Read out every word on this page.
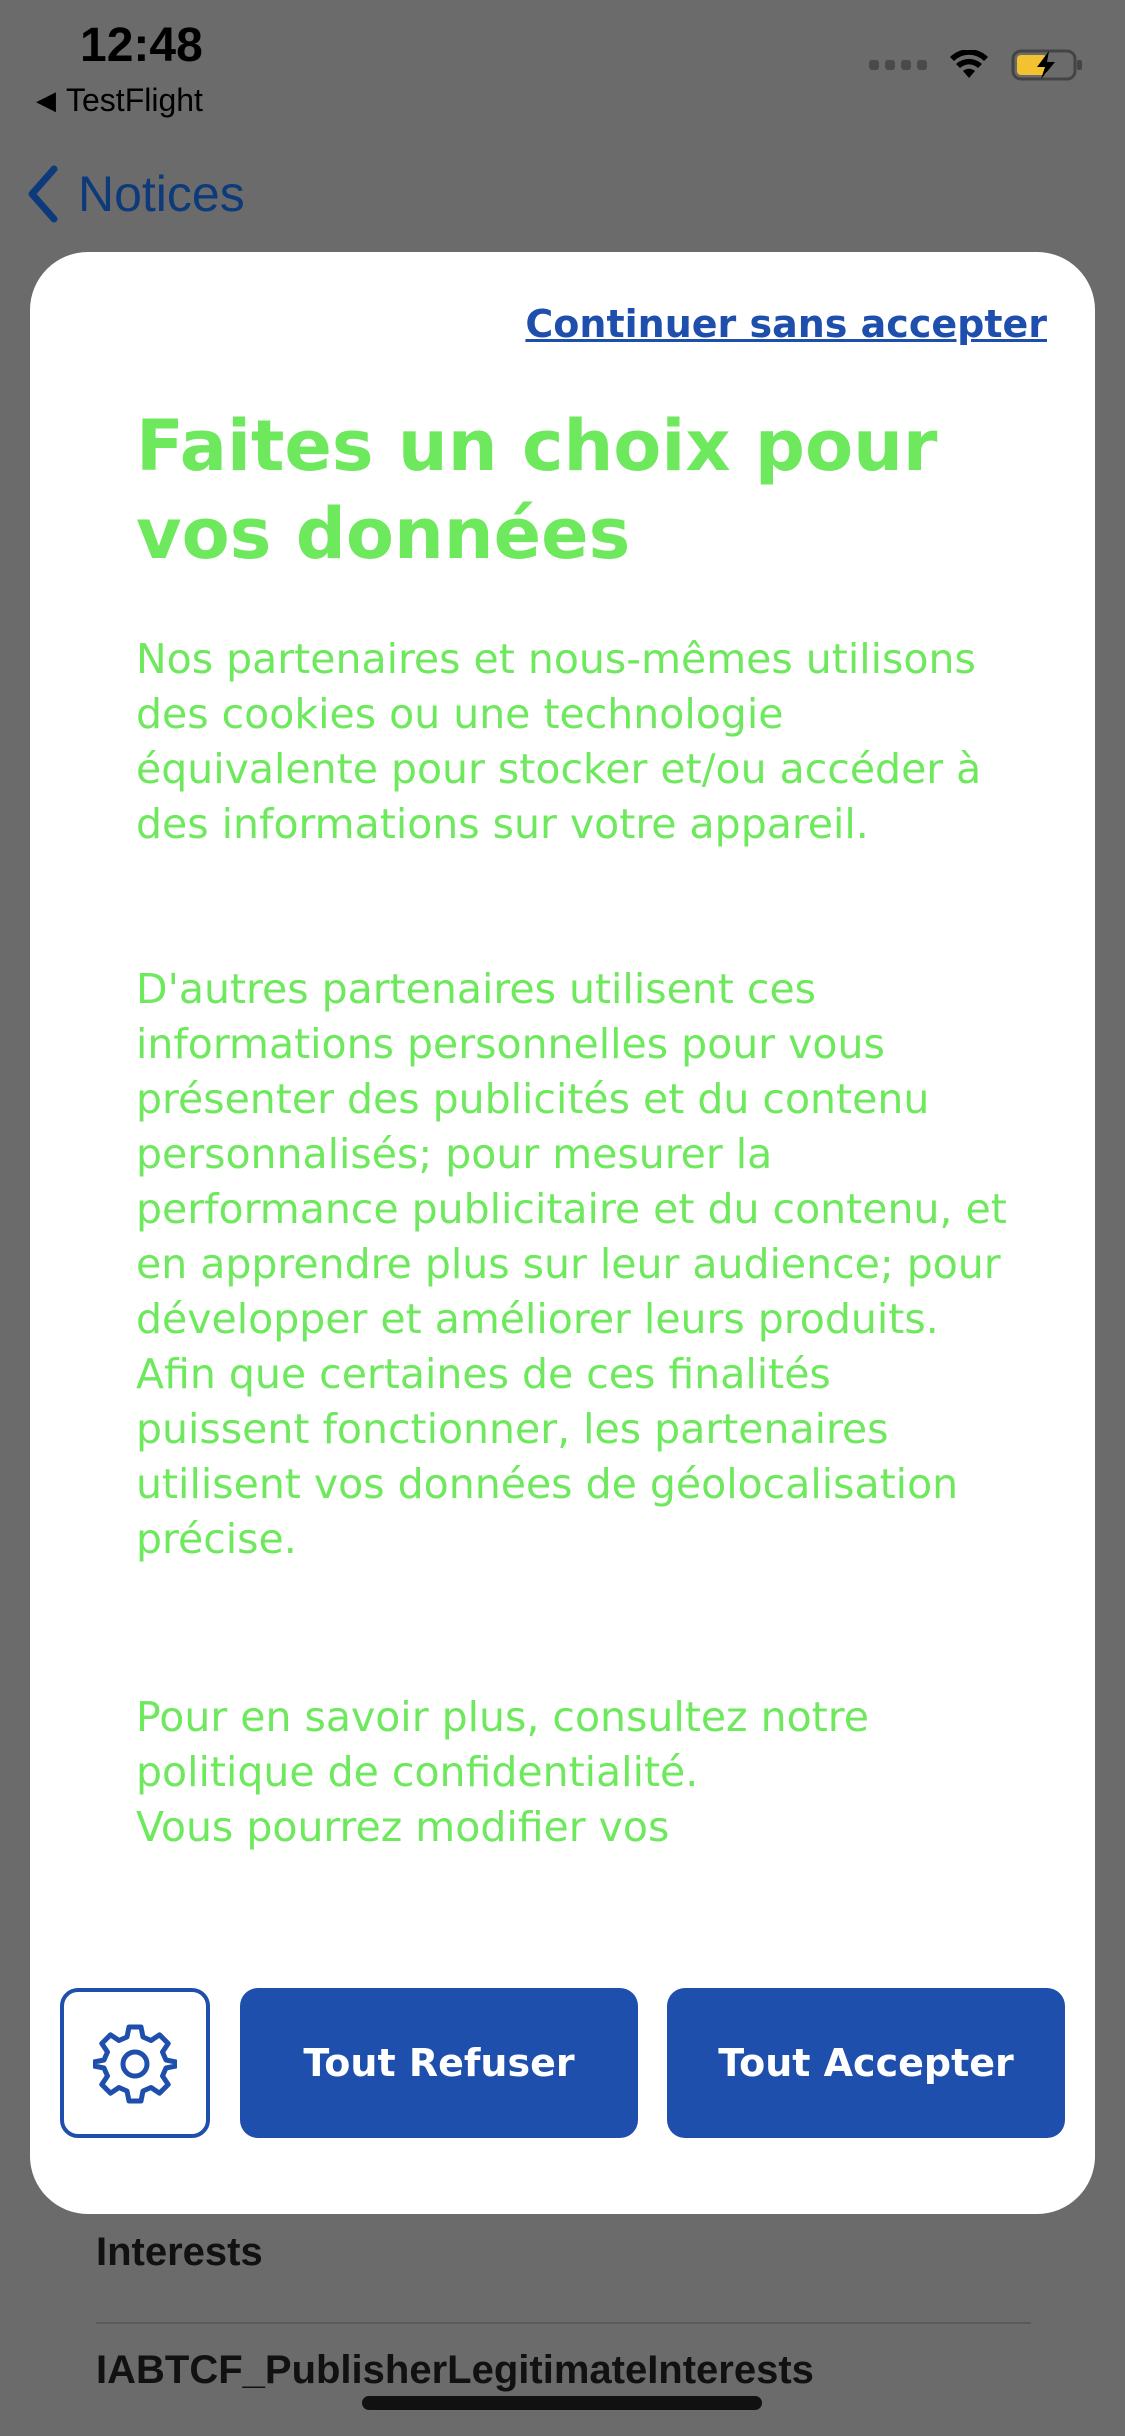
12:48
◀ TestFlight
Notices
Interests
IABTCF_PublisherLegitimateInterests
Continuer sans accepter
Faites un choix pour vos données
Nos partenaires et nous-mêmes utilisons des cookies ou une technologie équivalente pour stocker et/ou accéder à des informations sur votre appareil.
D'autres partenaires utilisent ces informations personnelles pour vous présenter des publicités et du contenu personnalisés; pour mesurer la performance publicitaire et du contenu, et en apprendre plus sur leur audience; pour développer et améliorer leurs produits. Afin que certaines de ces finalités puissent fonctionner, les partenaires utilisent vos données de géolocalisation précise.
Pour en savoir plus, consultez notre politique de confidentialité.
Vous pourrez modifier vos
Tout Refuser	Tout Accepter
